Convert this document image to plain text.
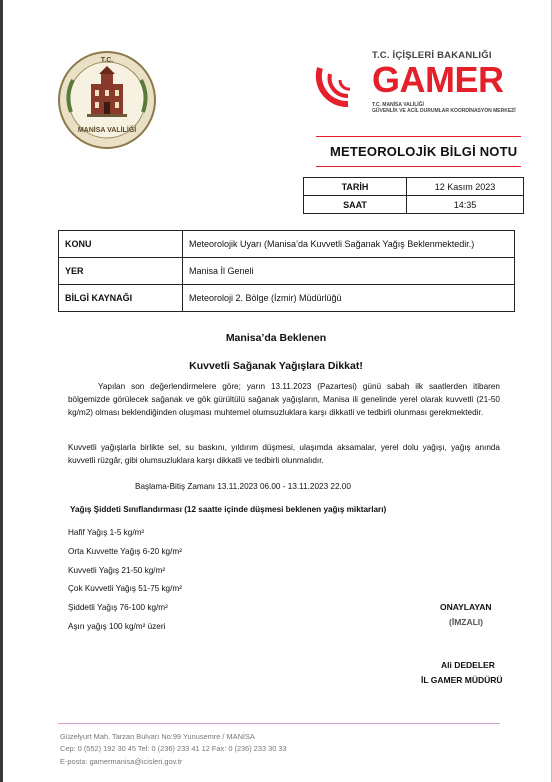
T.C.
MANİSA VALİLİĞİ
T.C. İÇİŞLERİ BAKANLIĞI
GAMER
T.C. MANİSA VALİLİĞİ
GÜVENLİK VE ACİL DURUMLAR KOORDİNASYON MERKEZİ
METEOROLOJİK BİLGİ NOTU
TARİH	12 Kasım 2023
SAAT	14:35
KONU	Meteorolojik Uyarı (Manisa’da Kuvvetli Sağanak Yağış Beklenmektedir.)
YER	Manisa İl Geneli
BİLGİ KAYNAĞI	Meteoroloji 2. Bölge (İzmir) Müdürlüğü
Manisa’da Beklenen
Kuvvetli Sağanak Yağışlara Dikkat!
Yapılan son değerlendirmelere göre; yarın 13.11.2023 (Pazartesi) günü sabah ilk saatlerden itibaren bölgemizde görülecek sağanak ve gök gürültülü sağanak yağışların, Manisa ili genelinde yerel olarak kuvvetli (21-50 kg/m2) olması beklendiğinden oluşması muhtemel olumsuzluklara karşı dikkatli ve tedbirli olunması gerekmektedir.
Kuvvetli yağışlarla birlikte sel, su baskını, yıldırım düşmesi, ulaşımda aksamalar, yerel dolu yağışı, yağış anında kuvvetli rüzgâr, gibi olumsuzluklara karşı dikkatli ve tedbirli olunmalıdır.
Başlama-Bitiş Zamanı 13.11.2023 06.00 - 13.11.2023 22.00
Yağış Şiddeti Sınıflandırması (12 saatte içinde düşmesi beklenen yağış miktarları)
Hafif Yağış 1-5 kg/m²
Orta Kuvvette Yağış 6-20 kg/m²
Kuvvetli Yağış 21-50 kg/m²
Çok Kuvvetli Yağış 51-75 kg/m²
Şiddetli Yağış 76-100 kg/m²
Aşırı yağış 100 kg/m² üzeri
ONAYLAYAN
(İMZALI)
Ali DEDELER
İL GAMER MÜDÜRÜ
Güzelyurt Mah. Tarzan Bulvarı No:99 Yunusemre / MANİSA
Cep: 0 (552) 192 30 45 Tel: 0 (236) 233 41 12 Fax: 0 (236) 233 30 33
E-posta: gamermanisa@icisleri.gov.tr
